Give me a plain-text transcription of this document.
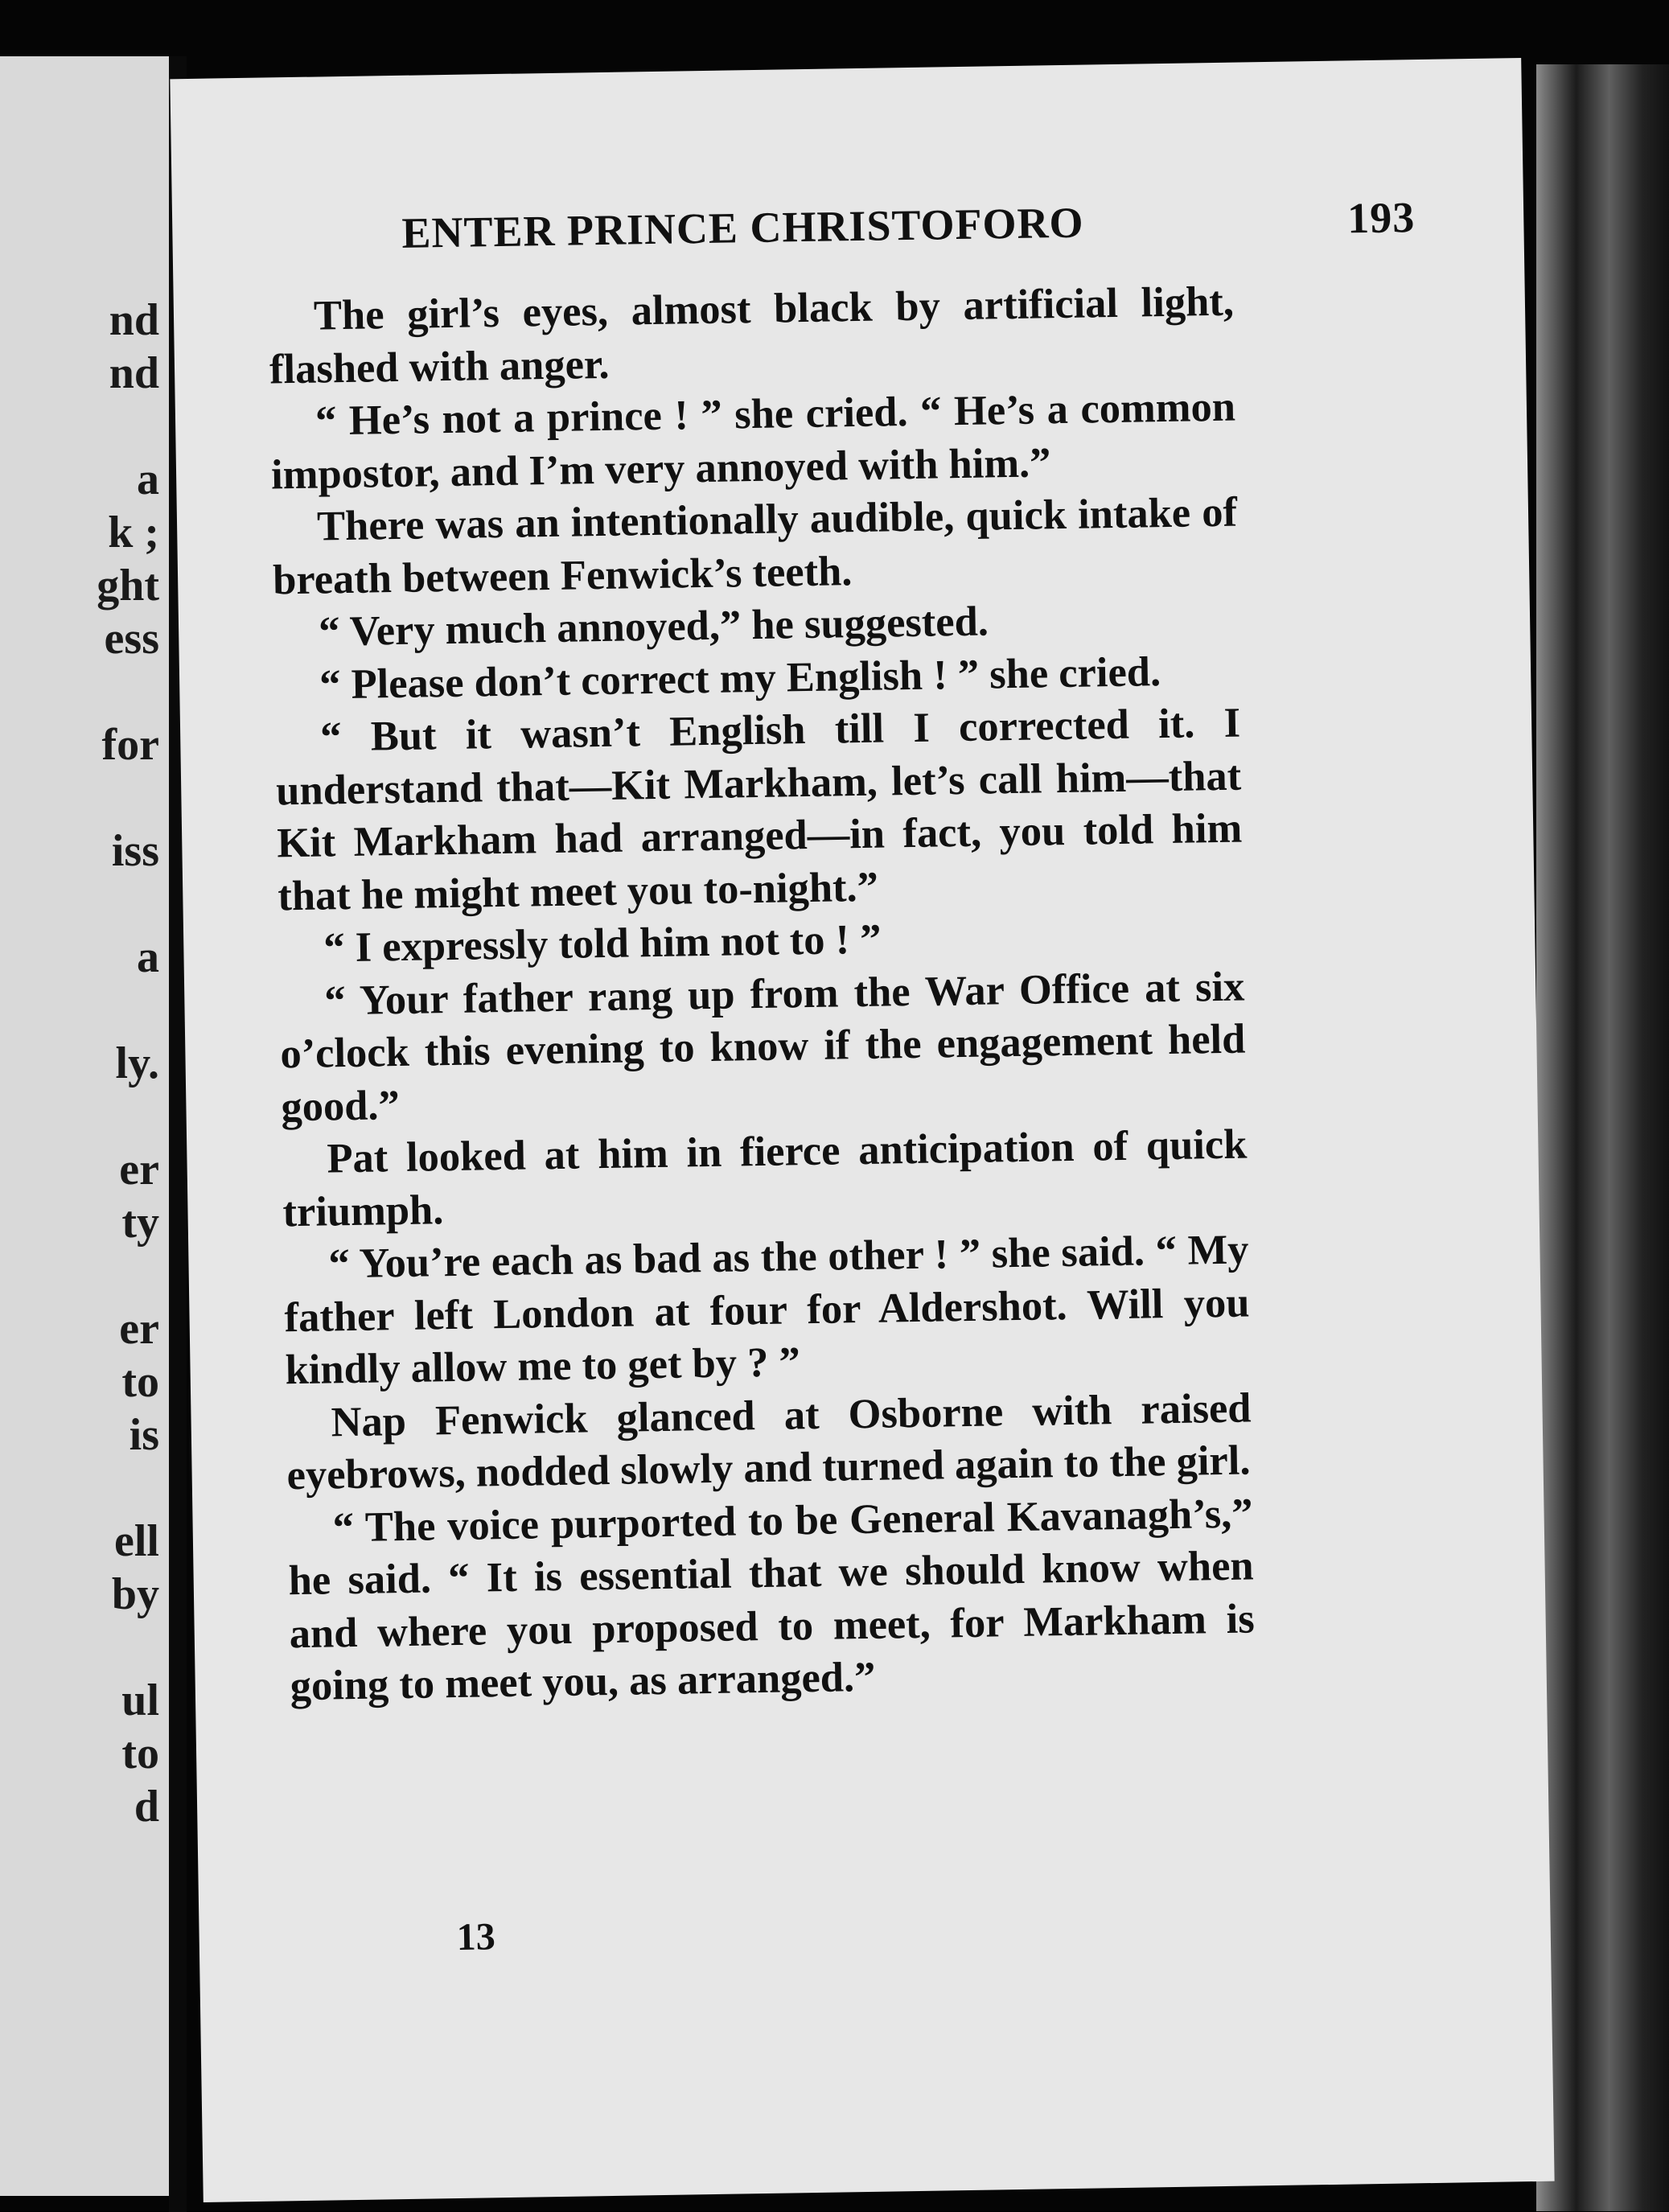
nd
nd
a
k ;
ght
ess
for
iss
a
ly.
er
ty
er
to
is
ell
by
ul
to
d
ENTER PRINCE CHRISTOFORO	193

The girl’s eyes, almost black by artificial light, flashed with anger.

“ He’s not a prince ! ” she cried. “ He’s a common impostor, and I’m very annoyed with him.”

There was an intentionally audible, quick intake of breath between Fenwick’s teeth.

“ Very much annoyed,” he suggested.

“ Please don’t correct my English ! ” she cried.

“ But it wasn’t English till I corrected it. I understand that—Kit Markham, let’s call him—that Kit Markham had arranged—in fact, you told him that he might meet you to-night.”

“ I expressly told him not to ! ”

“ Your father rang up from the War Office at six o’clock this evening to know if the engagement held good.”

Pat looked at him in fierce anticipation of quick triumph.

“ You’re each as bad as the other ! ” she said. “ My father left London at four for Aldershot. Will you kindly allow me to get by ? ”

Nap Fenwick glanced at Osborne with raised eyebrows, nodded slowly and turned again to the girl.

“ The voice purported to be General Kavanagh’s,” he said. “ It is essential that we should know when and where you proposed to meet, for Markham is going to meet you, as arranged.”

13
